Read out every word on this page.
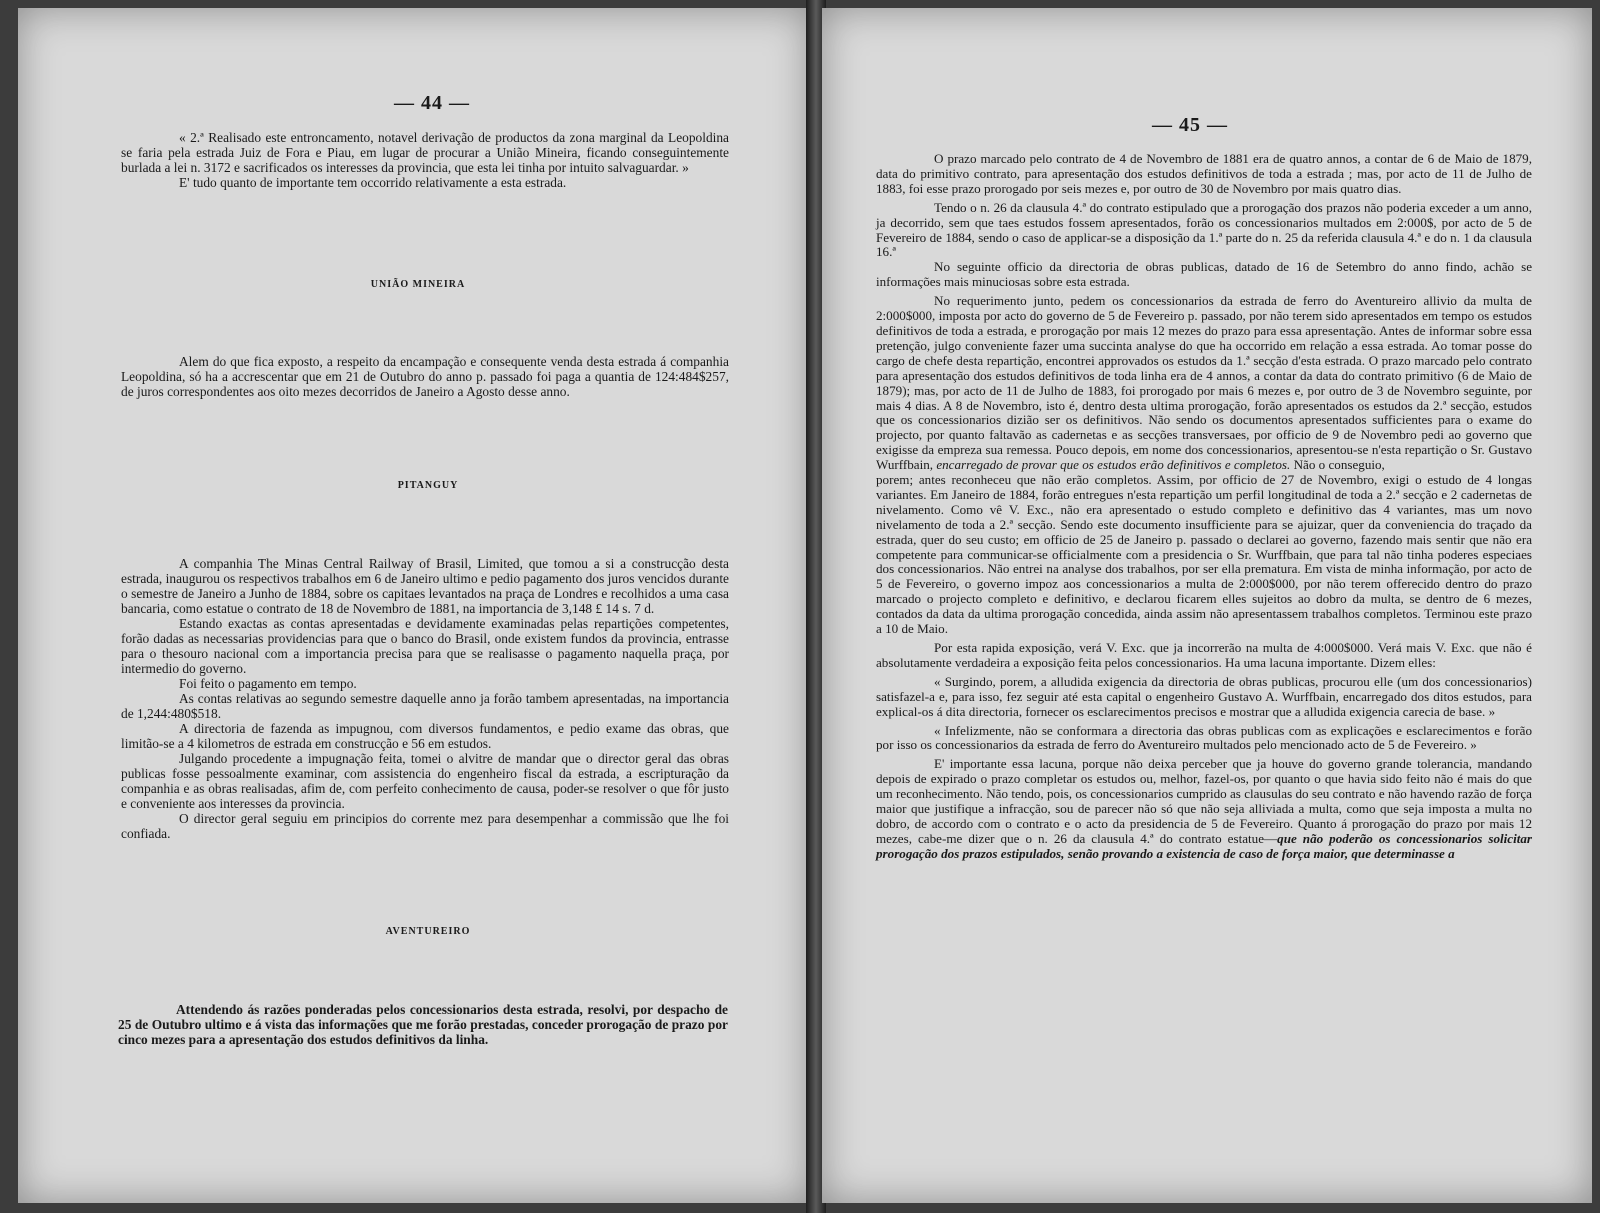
— 44 —

« 2.ª Realisado este entroncamento, notavel derivação de productos da zona marginal da Leopoldina se faria pela estrada Juiz de Fora e Piau, em lugar de procurar a União Mineira, ficando conseguintemente burlada a lei n. 3172 e sacrificados os interesses da provincia, que esta lei tinha por intuito salvaguardar. »

E' tudo quanto de importante tem occorrido relativamente a esta estrada.

UNIÃO MINEIRA

Alem do que fica exposto, a respeito da encampação e consequente venda desta estrada á companhia Leopoldina, só ha a accrescentar que em 21 de Outubro do anno p. passado foi paga a quantia de 124:484$257, de juros correspondentes aos oito mezes decorridos de Janeiro a Agosto desse anno.

PITANGUY

A companhia The Minas Central Railway of Brasil, Limited, que tomou a si a construcção desta estrada, inaugurou os respectivos trabalhos em 6 de Janeiro ultimo e pedio pagamento dos juros vencidos durante o semestre de Janeiro a Junho de 1884, sobre os capitaes levantados na praça de Londres e recolhidos a uma casa bancaria, como estatue o contrato de 18 de Novembro de 1881, na importancia de 3,148 £ 14 s. 7 d.

Estando exactas as contas apresentadas e devidamente examinadas pelas repartições competentes, forão dadas as necessarias providencias para que o banco do Brasil, onde existem fundos da provincia, entrasse para o thesouro nacional com a importancia precisa para que se realisasse o pagamento naquella praça, por intermedio do governo.

Foi feito o pagamento em tempo.

As contas relativas ao segundo semestre daquelle anno ja forão tambem apresentadas, na importancia de 1,244:480$518.

A directoria de fazenda as impugnou, com diversos fundamentos, e pedio exame das obras, que limitão-se a 4 kilometros de estrada em construcção e 56 em estudos.

Julgando procedente a impugnação feita, tomei o alvitre de mandar que o director geral das obras publicas fosse pessoalmente examinar, com assistencia do engenheiro fiscal da estrada, a escripturação da companhia e as obras realisadas, afim de, com perfeito conhecimento de causa, poder-se resolver o que fôr justo e conveniente aos interesses da provincia.

O director geral seguiu em principios do corrente mez para desempenhar a commissão que lhe foi confiada.

AVENTUREIRO

Attendendo ás razões ponderadas pelos concessionarios desta estrada, resolvi, por despacho de 25 de Outubro ultimo e á vista das informações que me forão prestadas, conceder prorogação de prazo por cinco mezes para a apresentação dos estudos definitivos da linha.

— 45 —

O prazo marcado pelo contrato de 4 de Novembro de 1881 era de quatro annos, a contar de 6 de Maio de 1879, data do primitivo contrato, para apresentação dos estudos definitivos de toda a estrada ; mas, por acto de 11 de Julho de 1883, foi esse prazo prorogado por seis mezes e, por outro de 30 de Novembro por mais quatro dias.

Tendo o n. 26 da clausula 4.ª do contrato estipulado que a prorogação dos prazos não poderia exceder a um anno, ja decorrido, sem que taes estudos fossem apresentados, forão os concessionarios multados em 2:000$, por acto de 5 de Fevereiro de 1884, sendo o caso de applicar-se a disposição da 1.ª parte do n. 25 da referida clausula 4.ª e do n. 1 da clausula 16.ª

No seguinte officio da directoria de obras publicas, datado de 16 de Setembro do anno findo, achão se informações mais minuciosas sobre esta estrada.

No requerimento junto, pedem os concessionarios da estrada de ferro do Aventureiro allivio da multa de 2:000$000, imposta por acto do governo de 5 de Fevereiro p. passado, por não terem sido apresentados em tempo os estudos definitivos de toda a estrada, e prorogação por mais 12 mezes do prazo para essa apresentação. Antes de informar sobre essa pretenção, julgo conveniente fazer uma succinta analyse do que ha occorrido em relação a essa estrada. Ao tomar posse do cargo de chefe desta repartição, encontrei approvados os estudos da 1.ª secção d'esta estrada. O prazo marcado pelo contrato para apresentação dos estudos definitivos de toda linha era de 4 annos, a contar da data do contrato primitivo (6 de Maio de 1879); mas, por acto de 11 de Julho de 1883, foi prorogado por mais 6 mezes e, por outro de 3 de Novembro seguinte, por mais 4 dias. A 8 de Novembro, isto é, dentro desta ultima prorogação, forão apresentados os estudos da 2.ª secção, estudos que os concessionarios dizião ser os definitivos. Não sendo os documentos apresentados sufficientes para o exame do projecto, por quanto faltavão as cadernetas e as secções transversaes, por officio de 9 de Novembro pedi ao governo que exigisse da empreza sua remessa. Pouco depois, em nome dos concessionarios, apresentou-se n'esta repartição o Sr. Gustavo Wurffbain, encarregado de provar que os estudos erão definitivos e completos. Não o conseguio,

porem; antes reconheceu que não erão completos. Assim, por officio de 27 de Novembro, exigi o estudo de 4 longas variantes. Em Janeiro de 1884, forão entregues n'esta repartição um perfil longitudinal de toda a 2.ª secção e 2 cadernetas de nivelamento. Como vê V. Exc., não era apresentado o estudo completo e definitivo das 4 variantes, mas um novo nivelamento de toda a 2.ª secção. Sendo este documento insufficiente para se ajuizar, quer da conveniencia do traçado da estrada, quer do seu custo; em officio de 25 de Janeiro p. passado o declarei ao governo, fazendo mais sentir que não era competente para communicar-se officialmente com a presidencia o Sr. Wurffbain, que para tal não tinha poderes especiaes dos concessionarios. Não entrei na analyse dos trabalhos, por ser ella prematura. Em vista de minha informação, por acto de 5 de Fevereiro, o governo impoz aos concessionarios a multa de 2:000$000, por não terem offerecido dentro do prazo marcado o projecto completo e definitivo, e declarou ficarem elles sujeitos ao dobro da multa, se dentro de 6 mezes, contados da data da ultima prorogação concedida, ainda assim não apresentassem trabalhos completos. Terminou este prazo a 10 de Maio.

Por esta rapida exposição, verá V. Exc. que ja incorrerão na multa de 4:000$000. Verá mais V. Exc. que não é absolutamente verdadeira a exposição feita pelos concessionarios. Ha uma lacuna importante. Dizem elles:

« Surgindo, porem, a alludida exigencia da directoria de obras publicas, procurou elle (um dos concessionarios) satisfazel-a e, para isso, fez seguir até esta capital o engenheiro Gustavo A. Wurffbain, encarregado dos ditos estudos, para explical-os á dita directoria, fornecer os esclarecimentos precisos e mostrar que a alludida exigencia carecia de base. »

« Infelizmente, não se conformara a directoria das obras publicas com as explicações e esclarecimentos e forão por isso os concessionarios da estrada de ferro do Aventureiro multados pelo mencionado acto de 5 de Fevereiro. »

E' importante essa lacuna, porque não deixa perceber que ja houve do governo grande tolerancia, mandando depois de expirado o prazo completar os estudos ou, melhor, fazel-os, por quanto o que havia sido feito não é mais do que um reconhecimento. Não tendo, pois, os concessionarios cumprido as clausulas do seu contrato e não havendo razão de força maior que justifique a infracção, sou de parecer não só que não seja alliviada a multa, como que seja imposta a multa no dobro, de accordo com o contrato e o acto da presidencia de 5 de Fevereiro. Quanto á prorogação do prazo por mais 12 mezes, cabe-me dizer que o n. 26 da clausula 4.ª do contrato estatue—que não poderão os concessionarios solicitar prorogação dos prazos estipulados, senão provando a existencia de caso de força maior, que determinasse a
